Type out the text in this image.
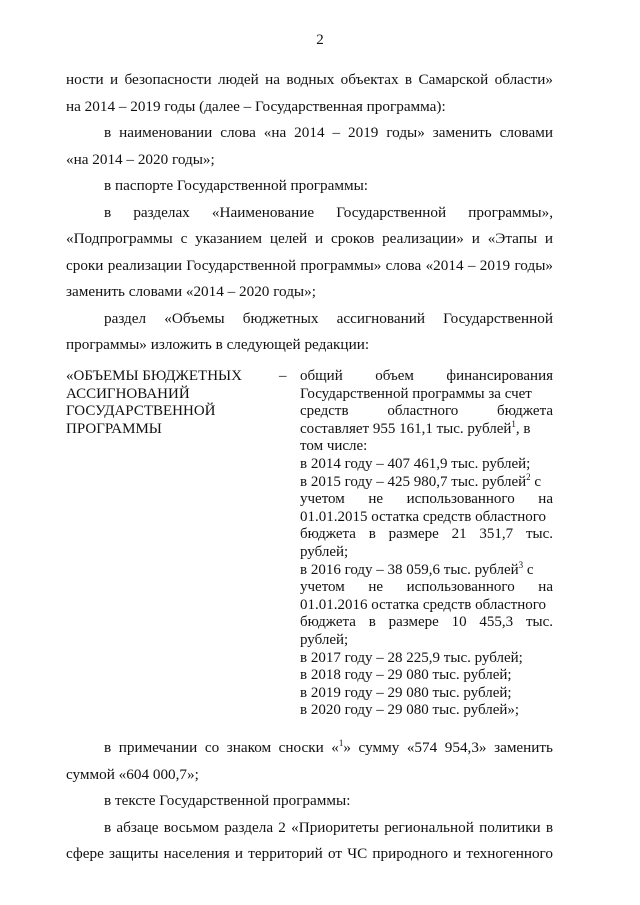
2

ности и безопасности людей на водных объектах в Самарской области»
на 2014 – 2019 годы (далее – Государственная программа):

в наименовании слова «на 2014 – 2019 годы» заменить словами

«на 2014 – 2020 годы»;

в паспорте Государственной программы:

в разделах «Наименование Государственной программы»,

«Подпрограммы с указанием целей и сроков реализации» и «Этапы и
сроки реализации Государственной программы» слова «2014 – 2019 годы»
заменить словами «2014 – 2020 годы»;

раздел «Объемы бюджетных ассигнований Государственной

программы» изложить в следующей редакции:

«ОБЪЕМЫ БЮДЖЕТНЫХ
АССИГНОВАНИЙ
ГОСУДАРСТВЕННОЙ
ПРОГРАММЫ
– общий объем финансирования
Государственной программы за счет
средств областного бюджета
составляет 955 161,1 тыс. рублей$^1$, в
том числе:
в 2014 году – 407 461,9 тыс. рублей;
в 2015 году – 425 980,7 тыс. рублей$^2$ с
учетом не использованного на
01.01.2015 остатка средств областного
бюджета в размере 21 351,7 тыс.
рублей;
в 2016 году – 38 059,6 тыс. рублей$^3$ с
учетом не использованного на
01.01.2016 остатка средств областного
бюджета в размере 10 455,3 тыс.
рублей;
в 2017 году – 28 225,9 тыс. рублей;
в 2018 году – 29 080 тыс. рублей;
в 2019 году – 29 080 тыс. рублей;
в 2020 году – 29 080 тыс. рублей»;

в примечании со знаком сноски «$^1$» сумму «574 954,3» заменить

суммой «604 000,7»;

в тексте Государственной программы:

в абзаце восьмом раздела 2 «Приоритеты региональной политики в

сфере защиты населения и территорий от ЧС природного и техногенного
